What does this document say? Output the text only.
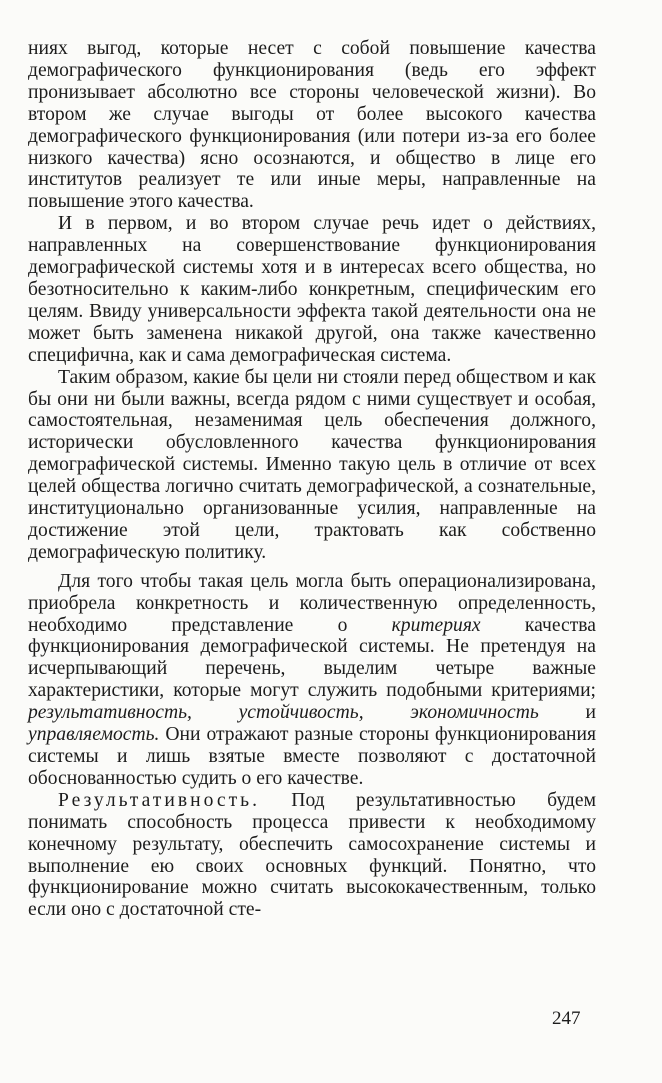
ниях выгод, которые несет с собой повышение качества демографического функционирования (ведь его эффект пронизывает абсолютно все стороны человеческой жизни). Во втором же случае выгоды от более высокого качества демографического функционирования (или потери из-за его более низкого качества) ясно осознаются, и общество в лице его институтов реализует те или иные меры, направленные на повышение этого качества.

И в первом, и во втором случае речь идет о действиях, направленных на совершенствование функционирования демографической системы хотя и в интересах всего общества, но безотносительно к каким-либо конкретным, специфическим его целям. Ввиду универсальности эффекта такой деятельности она не может быть заменена никакой другой, она также качественно специфична, как и сама демографическая система.

Таким образом, какие бы цели ни стояли перед обществом и как бы они ни были важны, всегда рядом с ними существует и особая, самостоятельная, незаменимая цель обеспечения должного, исторически обусловленного качества функционирования демографической системы. Именно такую цель в отличие от всех целей общества логично считать демографической, а сознательные, институционально организованные усилия, направленные на достижение этой цели, трактовать как собственно демографическую политику.

Для того чтобы такая цель могла быть операционализирована, приобрела конкретность и количественную определенность, необходимо представление о критериях качества функционирования демографической системы. Не претендуя на исчерпывающий перечень, выделим четыре важные характеристики, которые могут служить подобными критериями; результативность, устойчивость, экономичность и управляемость. Они отражают разные стороны функционирования системы и лишь взятые вместе позволяют с достаточной обоснованностью судить о его качестве.

Результативность. Под результативностью будем понимать способность процесса привести к необходимому конечному результату, обеспечить самосохранение системы и выполнение ею своих основных функций. Понятно, что функционирование можно считать высококачественным, только если оно с достаточной сте-

247
